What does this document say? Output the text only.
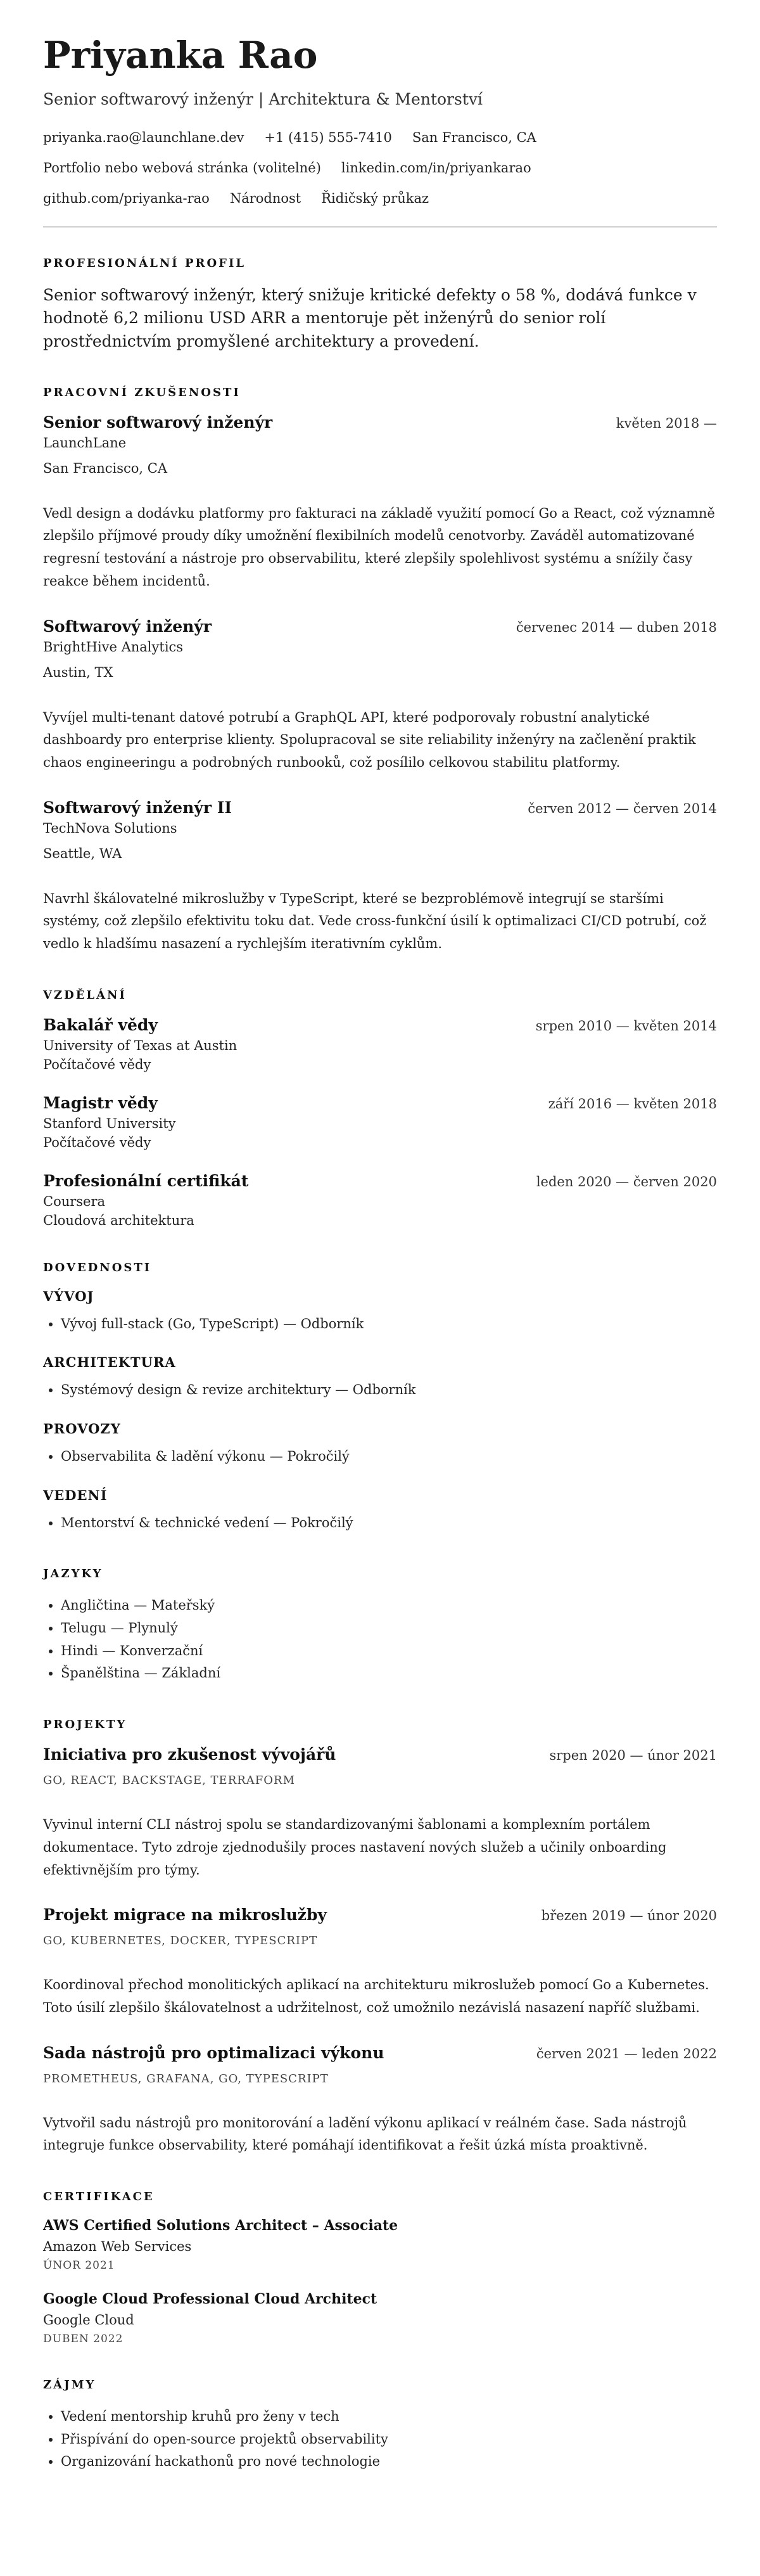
Priyanka Rao
Senior softwarový inženýr | Architektura & Mentorství
priyanka.rao@launchlane.dev +1 (415) 555-7410 San Francisco, CA
Portfolio nebo webová stránka (volitelné) linkedin.com/in/priyankarao
github.com/priyanka-rao Národnost Řidičský průkaz
PROFESIONÁLNÍ PROFIL

Senior softwarový inženýr, který snižuje kritické defekty o 58 %, dodává funkce v hodnotě 6,2 milionu USD ARR a mentoruje pět inženýrů do senior rolí prostřednictvím promyšlené architektury a provedení.

PRACOVNÍ ZKUŠENOSTI
Senior softwarový inženýr	květen 2018 —
LaunchLane
San Francisco, CA
Vedl design a dodávku platformy pro fakturaci na základě využití pomocí Go a React, což významně zlepšilo příjmové proudy díky umožnění flexibilních modelů cenotvorby. Zaváděl automatizované regresní testování a nástroje pro observabilitu, které zlepšily spolehlivost systému a snížily časy reakce během incidentů.
Softwarový inženýr	červenec 2014 — duben 2018
BrightHive Analytics
Austin, TX
Vyvíjel multi-tenant datové potrubí a GraphQL API, které podporovaly robustní analytické dashboardy pro enterprise klienty. Spolupracoval se site reliability inženýry na začlenění praktik chaos engineeringu a podrobných runbooků, což posílilo celkovou stabilitu platformy.
Softwarový inženýr II	červen 2012 — červen 2014
TechNova Solutions
Seattle, WA
Navrhl škálovatelné mikroslužby v TypeScript, které se bezproblémově integrují se staršími systémy, což zlepšilo efektivitu toku dat. Vede cross-funkční úsilí k optimalizaci CI/CD potrubí, což vedlo k hladšímu nasazení a rychlejším iterativním cyklům.
VZDĚLÁNÍ
Bakalář vědy	srpen 2010 — květen 2014
University of Texas at Austin
Počítačové vědy
Magistr vědy	září 2016 — květen 2018
Stanford University
Počítačové vědy
Profesionální certifikát	leden 2020 — červen 2020
Coursera
Cloudová architektura
DOVEDNOSTI
VÝVOJ
• Vývoj full-stack (Go, TypeScript) — Odborník
ARCHITEKTURA
• Systémový design & revize architektury — Odborník
PROVOZY
• Observabilita & ladění výkonu — Pokročilý
VEDENÍ
• Mentorství & technické vedení — Pokročilý
JAZYKY
• Angličtina — Mateřský
• Telugu — Plynulý
• Hindi — Konverzační
• Španělština — Základní
PROJEKTY
Iniciativa pro zkušenost vývojářů	srpen 2020 — únor 2021
GO, REACT, BACKSTAGE, TERRAFORM
Vyvinul interní CLI nástroj spolu se standardizovanými šablonami a komplexním portálem dokumentace. Tyto zdroje zjednodušily proces nastavení nových služeb a učinily onboarding efektivnějším pro týmy.
Projekt migrace na mikroslužby	březen 2019 — únor 2020
GO, KUBERNETES, DOCKER, TYPESCRIPT
Koordinoval přechod monolitických aplikací na architekturu mikroslužeb pomocí Go a Kubernetes. Toto úsilí zlepšilo škálovatelnost a udržitelnost, což umožnilo nezávislá nasazení napříč službami.
Sada nástrojů pro optimalizaci výkonu	červen 2021 — leden 2022
PROMETHEUS, GRAFANA, GO, TYPESCRIPT
Vytvořil sadu nástrojů pro monitorování a ladění výkonu aplikací v reálném čase. Sada nástrojů integruje funkce observability, které pomáhají identifikovat a řešit úzká místa proaktivně.
CERTIFIKACE
AWS Certified Solutions Architect – Associate
Amazon Web Services
ÚNOR 2021
Google Cloud Professional Cloud Architect
Google Cloud
DUBEN 2022
ZÁJMY
• Vedení mentorship kruhů pro ženy v tech
• Přispívání do open-source projektů observability
• Organizování hackathonů pro nové technologie
